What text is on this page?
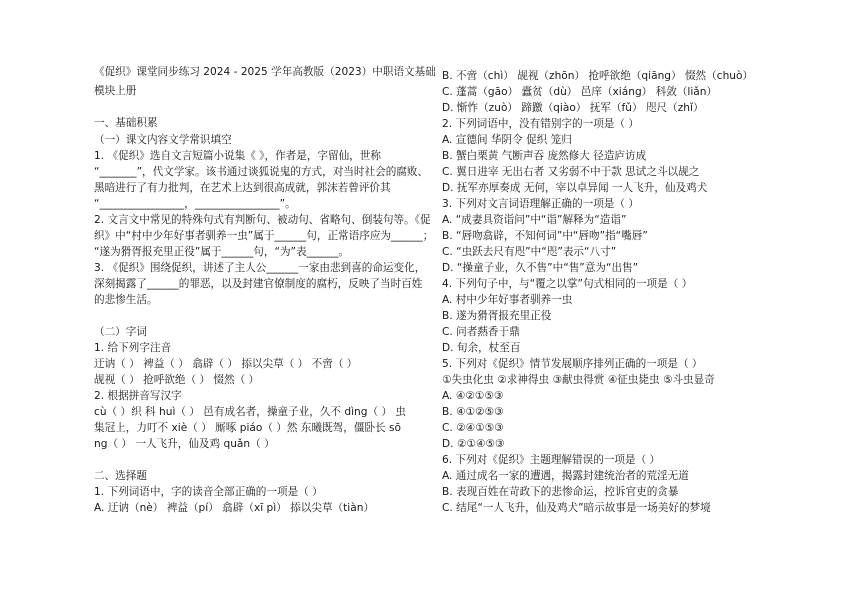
《促织》课堂同步练习 2024 - 2025 学年高教版（2023）中职语文基础
模块上册
一、基础积累
（一）课文内容文学常识填空
1. 《促织》选自文言短篇小说集《 》，作者是，字留仙，世称
“_______”，代文学家。该书通过谈狐说鬼的方式，对当时社会的腐败、
黑暗进行了有力批判，在艺术上达到很高成就，郭沫若曾评价其
“________________，________________”。
2. 文言文中常见的特殊句式有判断句、被动句、省略句、倒装句等。《促
织》中“村中少年好事者驯养一虫”属于______句，正常语序应为______；
“遂为猾胥报充里正役”属于______句，“为”表______。
3. 《促织》围绕促织，讲述了主人公______一家由悲到喜的命运变化，
深刻揭露了______的罪恶，以及封建官僚制度的腐朽，反映了当时百姓
的悲惨生活。
（二）字词
1. 给下列字注音
迂讷（ ） 裨益（ ） 翕辟（ ） 掭以尖草（ ） 不啻（ ）
觇视（ ） 抢呼欲绝（ ） 惙然（ ）
2. 根据拼音写汉字
cù（ ）织 科 huì（ ） 邑有成名者，操童子业，久不 dìng（ ） 虫
集冠上，力叮不 xiè（ ） 厮啄 piáo（ ）然 东曦既驾，僵卧长 sō
ng（ ） 一人飞升，仙及鸡 quǎn（ ）
二、选择题
1. 下列词语中，字的读音全部正确的一项是（ ）
A. 迂讷（nè） 裨益（pí） 翕辟（xī pì） 掭以尖草（tiàn）
B. 不啻（chì） 觇视（zhōn） 抢呼欲绝（qiāng） 惙然（chuò）
C. 蓬蒿（gāo） 蠹贫（dù） 邑庠（xiáng） 科敛（liǎn）
D. 惭怍（zuò） 蹄躈（qiào） 抚军（fǔ） 咫尺（zhǐ）
2. 下列词语中，没有错别字的一项是（ ）
A. 宣德间 华阴令 促织 笼归
B. 蟹白栗黄 气断声吞 庞然修大 径造庐访成
C. 翼日进宰 无出右者 又劣弱不中于款 思试之斗以觇之
D. 抚军亦厚奏成 无何，宰以卓异闻 一人飞升，仙及鸡犬
3. 下列对文言词语理解正确的一项是（ ）
A. “成妻具资诣问”中“诣”解释为“造诣”
B. “唇吻翕辟，不知何词”中“唇吻”指“嘴唇”
C. “虫跃去尺有咫”中“咫”表示“八寸”
D. “操童子业，久不售”中“售”意为“出售”
4. 下列句子中，与“覆之以掌”句式相同的一项是（ ）
A. 村中少年好事者驯养一虫
B. 遂为猾胥报充里正役
C. 问者爇香于鼎
D. 旬余，杖至百
5. 下列对《促织》情节发展顺序排列正确的一项是（ ）
①失虫化虫 ②求神得虫 ③献虫得赏 ④征虫毙虫 ⑤斗虫显奇
A. ④②①⑤③
B. ④①②⑤③
C. ②④①⑤③
D. ②①④⑤③
6. 下列对《促织》主题理解错误的一项是（ ）
A. 通过成名一家的遭遇，揭露封建统治者的荒淫无道
B. 表现百姓在苛政下的悲惨命运，控诉官吏的贪暴
C. 结尾“一人飞升，仙及鸡犬”暗示故事是一场美好的梦境
